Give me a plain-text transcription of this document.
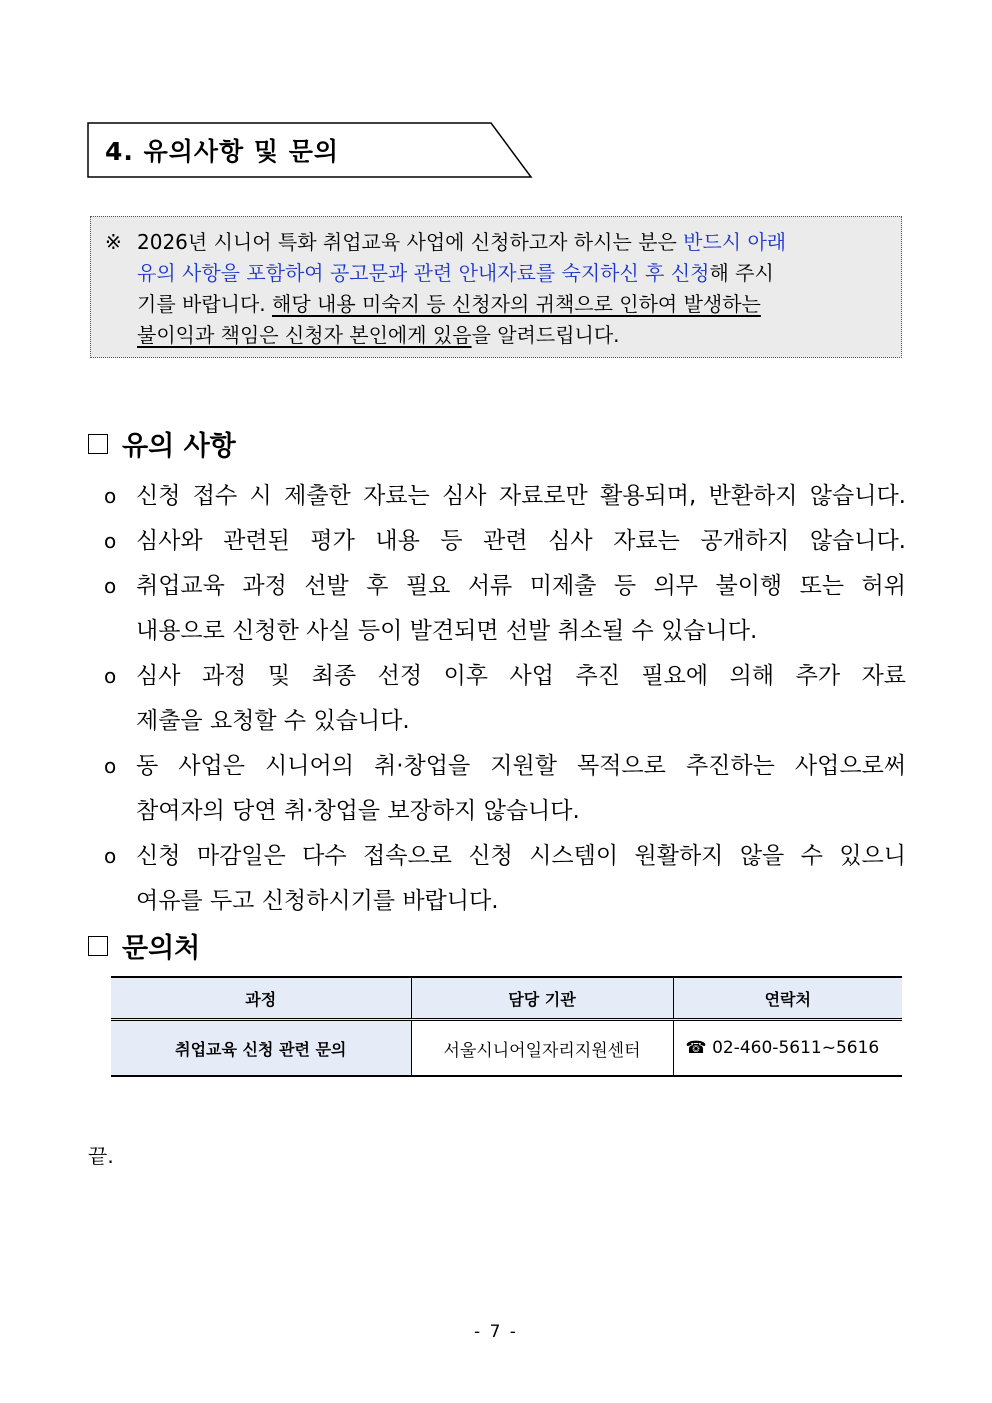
4. 유의사항 및 문의
※ 2026년 시니어 특화 취업교육 사업에 신청하고자 하시는 분은 반드시 아래
유의 사항을 포함하여 공고문과 관련 안내자료를 숙지하신 후 신청해 주시
기를 바랍니다. 해당 내용 미숙지 등 신청자의 귀책으로 인하여 발생하는
불이익과 책임은 신청자 본인에게 있음을 알려드립니다.
유의 사항
o 신청 접수 시 제출한 자료는 심사 자료로만 활용되며, 반환하지 않습니다.
o 심사와 관련된 평가 내용 등 관련 심사 자료는 공개하지 않습니다.
o 취업교육 과정 선발 후 필요 서류 미제출 등 의무 불이행 또는 허위
내용으로 신청한 사실 등이 발견되면 선발 취소될 수 있습니다.
o 심사 과정 및 최종 선정 이후 사업 추진 필요에 의해 추가 자료
제출을 요청할 수 있습니다.
o 동 사업은 시니어의 취·창업을 지원할 목적으로 추진하는 사업으로써
참여자의 당연 취·창업을 보장하지 않습니다.
o 신청 마감일은 다수 접속으로 신청 시스템이 원활하지 않을 수 있으니
여유를 두고 신청하시기를 바랍니다.
문의처
과정	담당 기관	연락처
취업교육 신청 관련 문의	서울시니어일자리지원센터	☎ 02-460-5611~5616
끝.
- 7 -
